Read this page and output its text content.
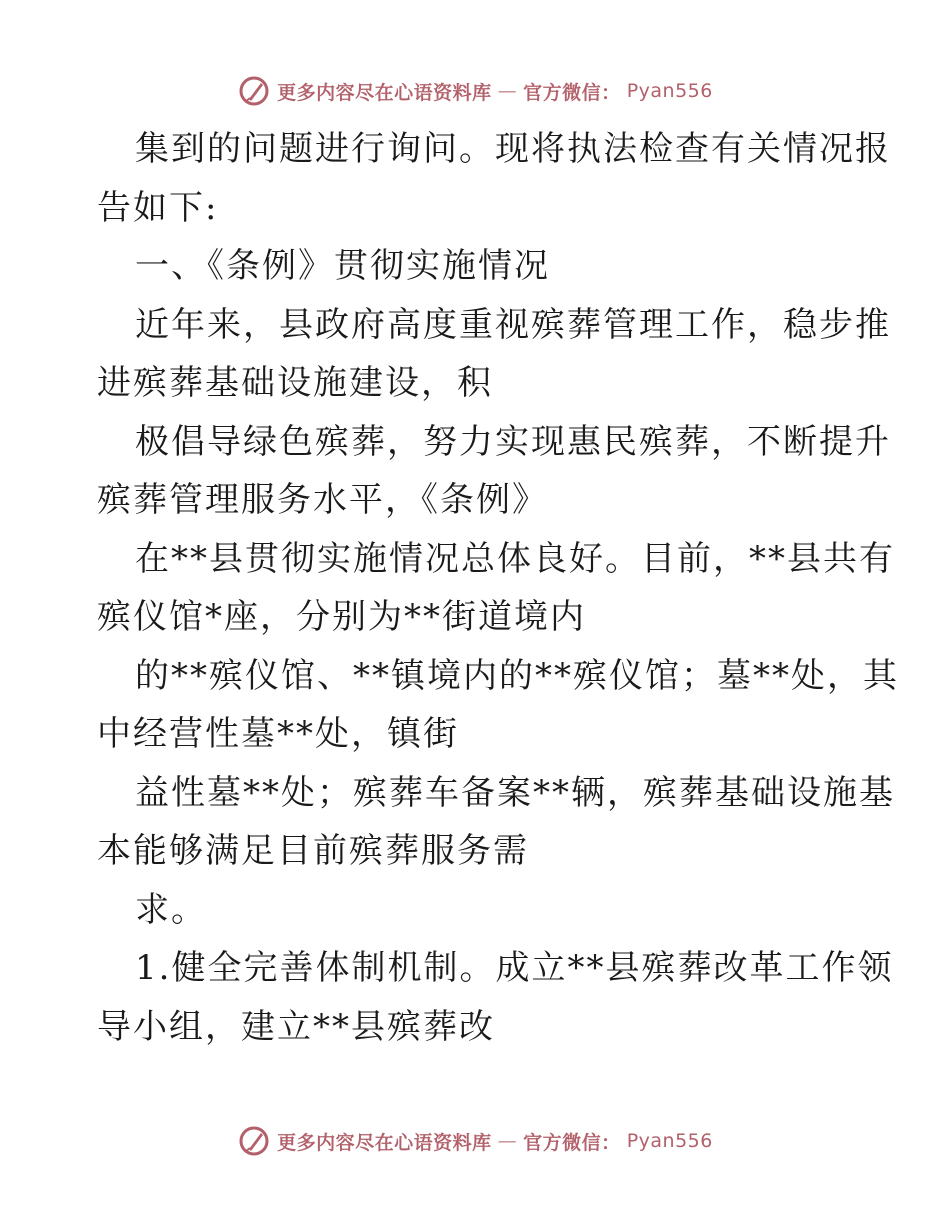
更多内容尽在心语资料库 — 官方微信： Pyan556
集到的问题进行询问。现将执法检查有关情况报
告如下:
一、《条例》贯彻实施情况
近年来，县政府高度重视殡葬管理工作，稳步推
进殡葬基础设施建设，积
极倡导绿色殡葬，努力实现惠民殡葬，不断提升
殡葬管理服务水平，《条例》
在**县贯彻实施情况总体良好。目前，**县共有
殡仪馆*座，分别为**街道境内
的**殡仪馆、**镇境内的**殡仪馆；墓**处，其
中经营性墓**处，镇街
益性墓**处；殡葬车备案**辆，殡葬基础设施基
本能够满足目前殡葬服务需
求。
1.健全完善体制机制。成立**县殡葬改革工作领
导小组，建立**县殡葬改
更多内容尽在心语资料库 — 官方微信： Pyan556
